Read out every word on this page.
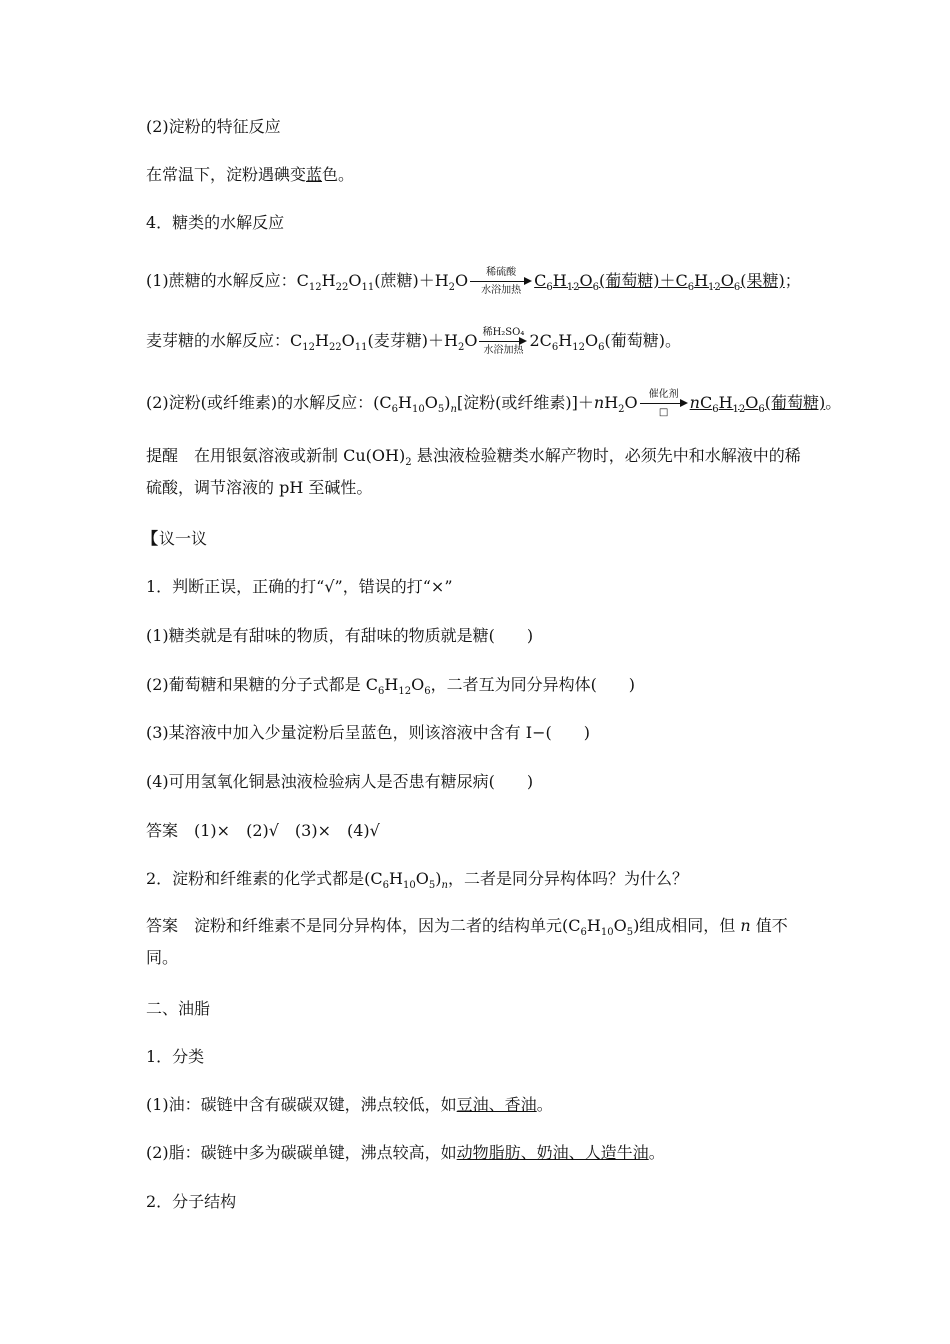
(2)淀粉的特征反应
在常温下，淀粉遇碘变蓝色。
4．糖类的水解反应
(1)蔗糖的水解反应：$C_{12}H_{22}O_{11}$(蔗糖)$+H_2O$	稀硫酸
水浴加热 $C_6H_{12}O_6$(葡萄糖)$+C_6H_{12}O_6$(果糖)；
麦芽糖的水解反应：$C_{12}H_{22}O_{11}$(麦芽糖)$+H_2O$ 稀H₂SO₄
水浴加热 $2C_6H_{12}O_6$(葡萄糖)。
(2)淀粉(或纤维素)的水解反应：$(C_6H_{10}O_5)_n$[淀粉(或纤维素)]$+nH_2O$	催化剂
□	$nC_6H_{12}O_6$(葡萄糖)。
提醒　 在用银氨溶液或新制 $Cu(OH)_2$ 悬浊液检验糖类水解产物时，必须先中和水解液中的稀硫酸，调节溶液的 pH 至碱性。
【议一议
1．判断正误，正确的打“√”，错误的打“×”
(1)糖类就是有甜味的物质，有甜味的物质就是糖(　　)
(2)葡萄糖和果糖的分子式都是 $C_6H_{12}O_6$，二者互为同分异构体(　　)
(3)某溶液中加入少量淀粉后呈蓝色，则该溶液中含有 I−(　　)
(4)可用氢氧化铜悬浊液检验病人是否患有糖尿病(　　)
答案　(1)×　(2)√　(3)×　(4)√
2．淀粉和纤维素的化学式都是$(C_6H_{10}O_5)_n$，二者是同分异构体吗？为什么？
答案　淀粉和纤维素不是同分异构体，因为二者的结构单元$(C_6H_{10}O_5)$组成相同，但 n 值不同。
二、油脂
1．分类
(1)油：碳链中含有碳碳双键，沸点较低，如豆油、香油。
(2)脂：碳链中多为碳碳单键，沸点较高，如动物脂肪、奶油、人造牛油。
2．分子结构
